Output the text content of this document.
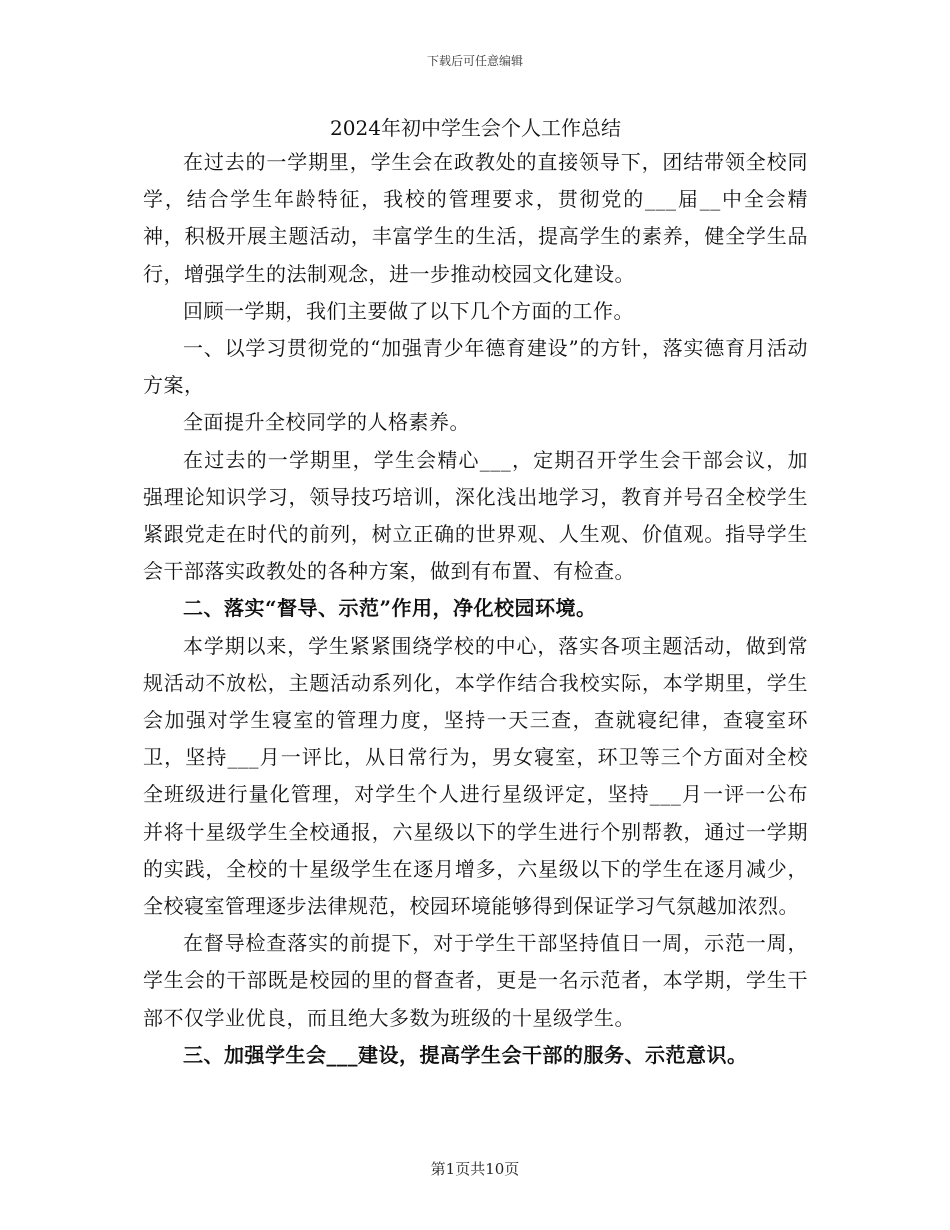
下载后可任意编辑
2024年初中学生会个人工作总结

在过去的一学期里，学生会在政教处的直接领导下，团结带领全校同学，结合学生年龄特征，我校的管理要求，贯彻党的___届__中全会精神，积极开展主题活动，丰富学生的生活，提高学生的素养，健全学生品行，增强学生的法制观念，进一步推动校园文化建设。

回顾一学期，我们主要做了以下几个方面的工作。

一、以学习贯彻党的“加强青少年德育建设”的方针，落实德育月活动方案，

全面提升全校同学的人格素养。

在过去的一学期里，学生会精心___，定期召开学生会干部会议，加强理论知识学习，领导技巧培训，深化浅出地学习，教育并号召全校学生紧跟党走在时代的前列，树立正确的世界观、人生观、价值观。指导学生会干部落实政教处的各种方案，做到有布置、有检查。

二、落实“督导、示范”作用，净化校园环境。

本学期以来，学生紧紧围绕学校的中心，落实各项主题活动，做到常规活动不放松，主题活动系列化，本学作结合我校实际，本学期里，学生会加强对学生寝室的管理力度，坚持一天三查，查就寝纪律，查寝室环卫，坚持___月一评比，从日常行为，男女寝室，环卫等三个方面对全校全班级进行量化管理，对学生个人进行星级评定，坚持___月一评一公布并将十星级学生全校通报，六星级以下的学生进行个别帮教，通过一学期的实践，全校的十星级学生在逐月增多，六星级以下的学生在逐月减少，全校寝室管理逐步法律规范，校园环境能够得到保证学习气氛越加浓烈。

在督导检查落实的前提下，对于学生干部坚持值日一周，示范一周，学生会的干部既是校园的里的督查者，更是一名示范者，本学期，学生干部不仅学业优良，而且绝大多数为班级的十星级学生。

三、加强学生会___建设，提高学生会干部的服务、示范意识。

第1页共10页
